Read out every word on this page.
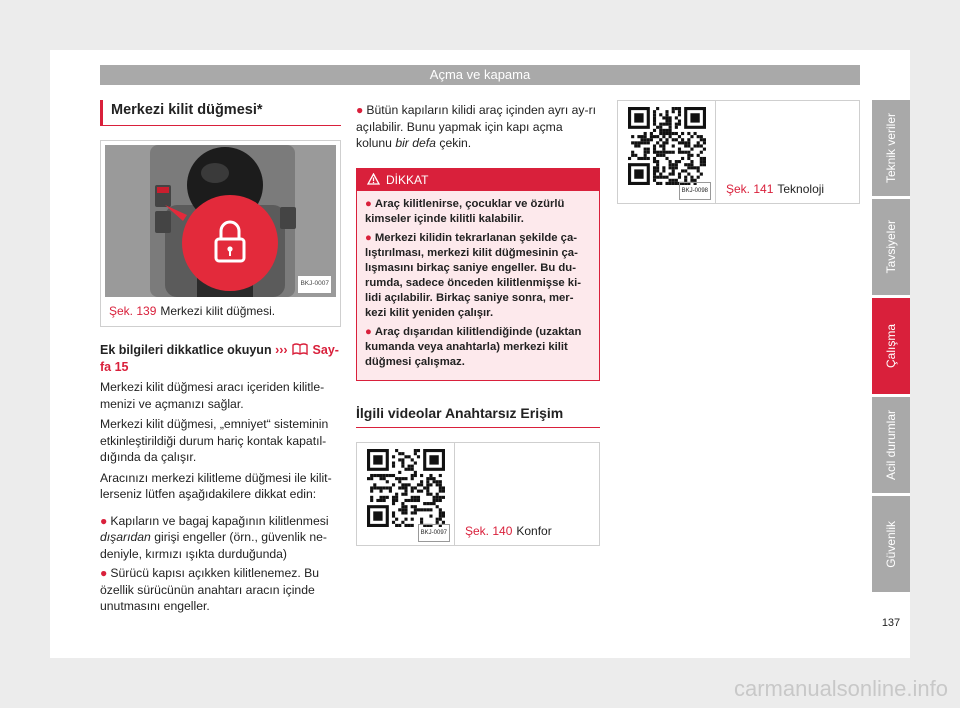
Açma ve kapama
Merkezi kilit düğmesi*
BKJ-0007
Şek. 139 Merkezi kilit düğmesi.
Ek bilgileri dikkatlice okuyun ››› Say-fa 15

Merkezi kilit düğmesi aracı içeriden kilitle-menizi ve açmanızı sağlar.

Merkezi kilit düğmesi, „emniyet“ sisteminin etkinleştirildiği durum hariç kontak kapatıl-dığında da çalışır.

Aracınızı merkezi kilitleme düğmesi ile kilit-lerseniz lütfen aşağıdakilere dikkat edin:

● Kapıların ve bagaj kapağının kilitlenmesi dışarıdan girişi engeller (örn., güvenlik ne-deniyle, kırmızı ışıkta durduğunda)
● Sürücü kapısı açıkken kilitlenemez. Bu özellik sürücünün anahtarı aracın içinde unutmasını engeller.
● Bütün kapıların kilidi araç içinden ayrı ay-rı açılabilir. Bunu yapmak için kapı açma kolunu bir defa çekin.
DİKKAT
● Araç kilitlenirse, çocuklar ve özürlü kimseler içinde kilitli kalabilir.
● Merkezi kilidin tekrarlanan şekilde ça-lıştırılması, merkezi kilit düğmesinin ça-lışmasını birkaç saniye engeller. Bu du-rumda, sadece önceden kilitlenmişse ki-lidi açılabilir. Birkaç saniye sonra, mer-kezi kilit yeniden çalışır.
● Araç dışarıdan kilitlendiğinde (uzaktan kumanda veya anahtarla) merkezi kilit düğmesi çalışmaz.
İlgili videolar Anahtarsız Erişim
BKJ-0097	Şek. 140 Konfor
BKJ-0098	Şek. 141 Teknoloji
Teknik veriler
Tavsiyeler
Çalışma
Acil durumlar
Güvenlik
137
carmanualsonline.info
